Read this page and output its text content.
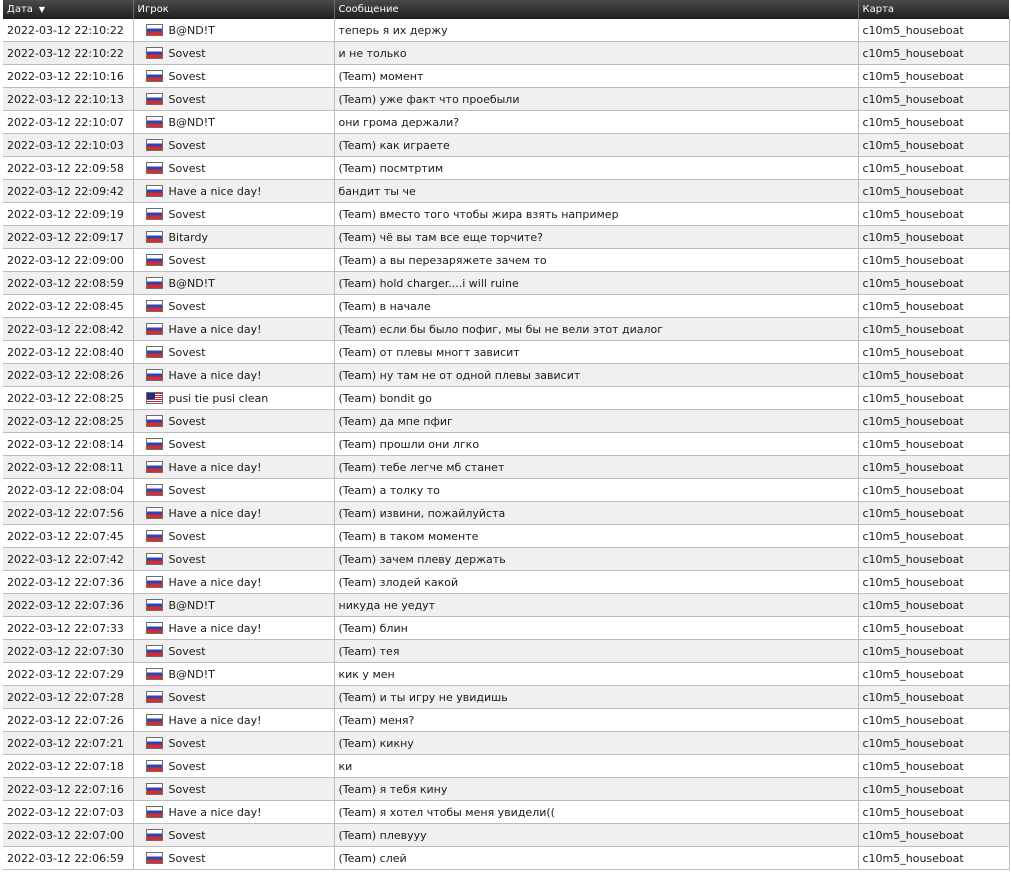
Дата ▼	Игрок	Сообщение	Карта
2022-03-12 22:10:22	B@ND!T	теперь я их держу	c10m5_houseboat
2022-03-12 22:10:22	Sovest	и не только	c10m5_houseboat
2022-03-12 22:10:16	Sovest	(Team) момент	c10m5_houseboat
2022-03-12 22:10:13	Sovest	(Team) уже факт что проебыли	c10m5_houseboat
2022-03-12 22:10:07	B@ND!T	они грома держали?	c10m5_houseboat
2022-03-12 22:10:03	Sovest	(Team) как играете	c10m5_houseboat
2022-03-12 22:09:58	Sovest	(Team) посмтртим	c10m5_houseboat
2022-03-12 22:09:42	Have a nice day!	бандит ты че	c10m5_houseboat
2022-03-12 22:09:19	Sovest	(Team) вместо того чтобы жира взять например	c10m5_houseboat
2022-03-12 22:09:17	Bitardy	(Team) чё вы там все еще торчите?	c10m5_houseboat
2022-03-12 22:09:00	Sovest	(Team) а вы перезаряжете зачем то	c10m5_houseboat
2022-03-12 22:08:59	B@ND!T	(Team) hold charger....i will ruine	c10m5_houseboat
2022-03-12 22:08:45	Sovest	(Team) в начале	c10m5_houseboat
2022-03-12 22:08:42	Have a nice day!	(Team) если бы было пофиг, мы бы не вели этот диалог	c10m5_houseboat
2022-03-12 22:08:40	Sovest	(Team) от плевы многт зависит	c10m5_houseboat
2022-03-12 22:08:26	Have a nice day!	(Team) ну там не от одной плевы зависит	c10m5_houseboat
2022-03-12 22:08:25	pusi tie pusi clean	(Team) bondit go	c10m5_houseboat
2022-03-12 22:08:25	Sovest	(Team) да мпе пфиг	c10m5_houseboat
2022-03-12 22:08:14	Sovest	(Team) прошли они лгко	c10m5_houseboat
2022-03-12 22:08:11	Have a nice day!	(Team) тебе легче мб станет	c10m5_houseboat
2022-03-12 22:08:04	Sovest	(Team) а толку то	c10m5_houseboat
2022-03-12 22:07:56	Have a nice day!	(Team) извини, пожайлуйста	c10m5_houseboat
2022-03-12 22:07:45	Sovest	(Team) в таком моменте	c10m5_houseboat
2022-03-12 22:07:42	Sovest	(Team) зачем плеву держать	c10m5_houseboat
2022-03-12 22:07:36	Have a nice day!	(Team) злодей какой	c10m5_houseboat
2022-03-12 22:07:36	B@ND!T	никуда не уедут	c10m5_houseboat
2022-03-12 22:07:33	Have a nice day!	(Team) блин	c10m5_houseboat
2022-03-12 22:07:30	Sovest	(Team) тея	c10m5_houseboat
2022-03-12 22:07:29	B@ND!T	кик у мен	c10m5_houseboat
2022-03-12 22:07:28	Sovest	(Team) и ты игру не увидишь	c10m5_houseboat
2022-03-12 22:07:26	Have a nice day!	(Team) меня?	c10m5_houseboat
2022-03-12 22:07:21	Sovest	(Team) кикну	c10m5_houseboat
2022-03-12 22:07:18	Sovest	ки	c10m5_houseboat
2022-03-12 22:07:16	Sovest	(Team) я тебя кину	c10m5_houseboat
2022-03-12 22:07:03	Have a nice day!	(Team) я хотел чтобы меня увидели((	c10m5_houseboat
2022-03-12 22:07:00	Sovest	(Team) плевууу	c10m5_houseboat
2022-03-12 22:06:59	Sovest	(Team) слей	c10m5_houseboat
